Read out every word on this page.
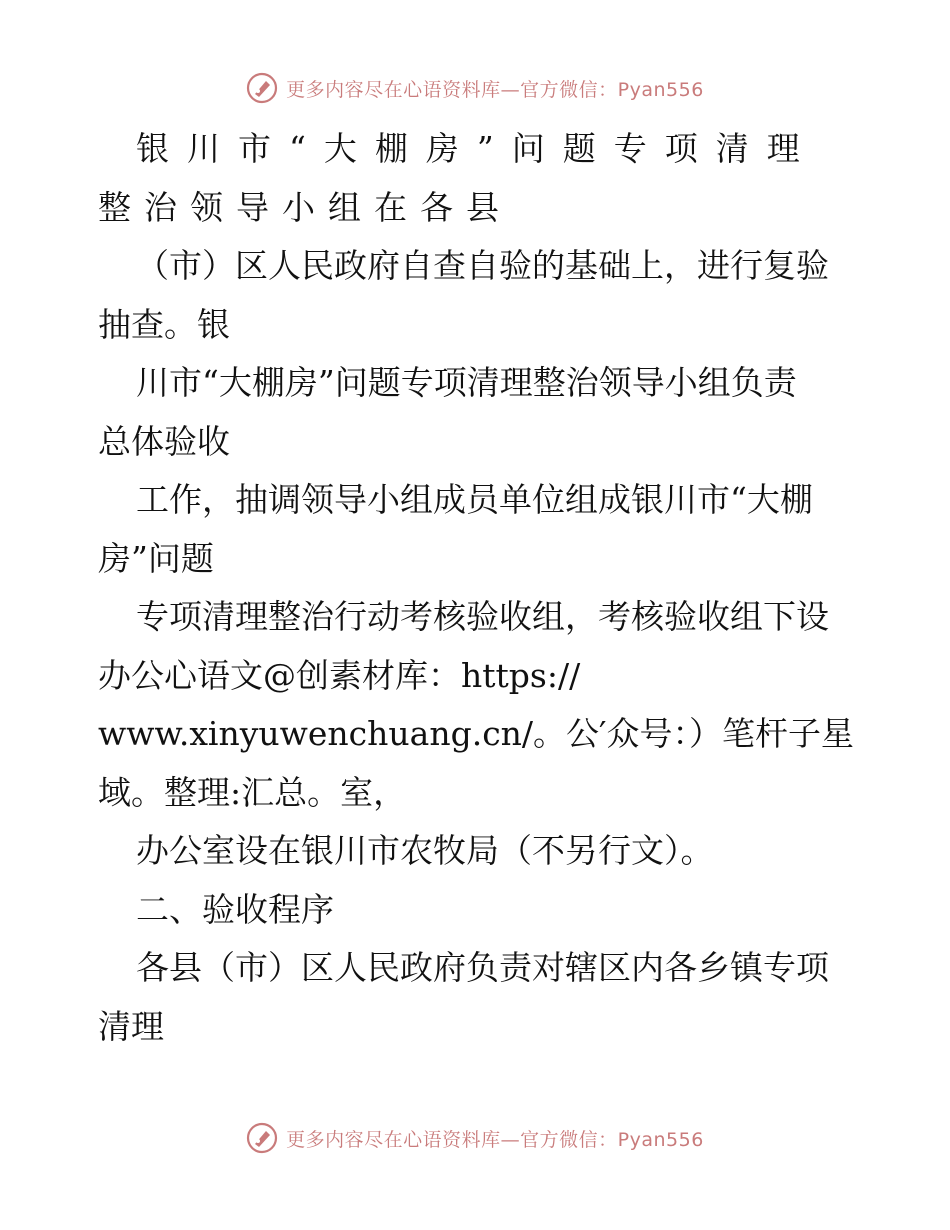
更多内容尽在心语资料库—官方微信：Pyan556
银川市“大棚房”问题专项清理
整治领导小组在各县
（市）区人民政府自查自验的基础上，进行复验
抽查。银
川市“大棚房”问题专项清理整治领导小组负责
总体验收
工作，抽调领导小组成员单位组成银川市“大棚
房”问题
专项清理整治行动考核验收组，考核验收组下设
办公心语文@创素材库：https://
www.xinyuwenchuang.cn/。公′众号：）笔杆子星
域。整理:汇总。室，
办公室设在银川市农牧局（不另行文）。
二、验收程序
各县（市）区人民政府负责对辖区内各乡镇专项
清理
更多内容尽在心语资料库—官方微信：Pyan556
